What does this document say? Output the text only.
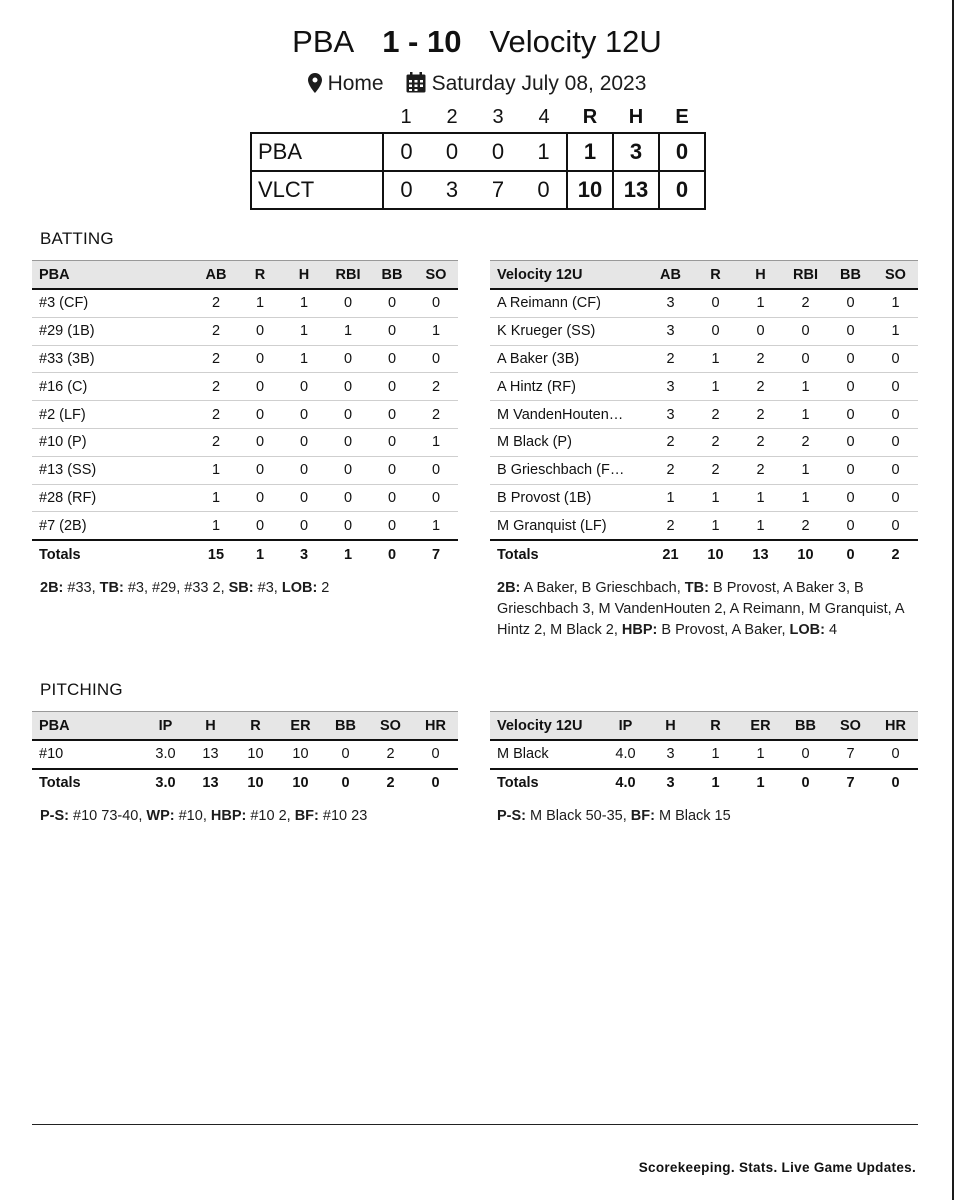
PBA 1 - 10 Velocity 12U
Home Saturday July 08, 2023
	1	2	3	4	R	H	E
PBA	0	0	0	1	1	3	0
VLCT	0	3	7	0	10	13	0
BATTING
PBA	AB	R	H	RBI	BB	SO
#3 (CF)	2	1	1	0	0	0
#29 (1B)	2	0	1	1	0	1
#33 (3B)	2	0	1	0	0	0
#16 (C)	2	0	0	0	0	2
#2 (LF)	2	0	0	0	0	2
#10 (P)	2	0	0	0	0	1
#13 (SS)	1	0	0	0	0	0
#28 (RF)	1	0	0	0	0	0
#7 (2B)	1	0	0	0	0	1
Totals	15	1	3	1	0	7
Velocity 12U	AB	R	H	RBI	BB	SO
A Reimann (CF)	3	0	1	2	0	1
K Krueger (SS)	3	0	0	0	0	1
A Baker (3B)	2	1	2	0	0	0
A Hintz (RF)	3	1	2	1	0	0
M VandenHouten…	3	2	2	1	0	0
M Black (P)	2	2	2	2	0	0
B Grieschbach (F…	2	2	2	1	0	0
B Provost (1B)	1	1	1	1	0	0
M Granquist (LF)	2	1	1	2	0	0
Totals	21	10	13	10	0	2
2B: #33, TB: #3, #29, #33 2, SB: #3, LOB: 2	2B: A Baker, B Grieschbach, TB: B Provost, A Baker 3, B Grieschbach 3, M VandenHouten 2, A Reimann, M Granquist, A Hintz 2, M Black 2, HBP: B Provost, A Baker, LOB: 4
PITCHING
PBA	IP	H	R	ER	BB	SO	HR
#10	3.0	13	10	10	0	2	0
Totals	3.0	13	10	10	0	2	0
Velocity 12U	IP	H	R	ER	BB	SO	HR
M Black	4.0	3	1	1	0	7	0
Totals	4.0	3	1	1	0	7	0
P-S: #10 73-40, WP: #10, HBP: #10 2, BF: #10 23	P-S: M Black 50-35, BF: M Black 15
Scorekeeping. Stats. Live Game Updates.
